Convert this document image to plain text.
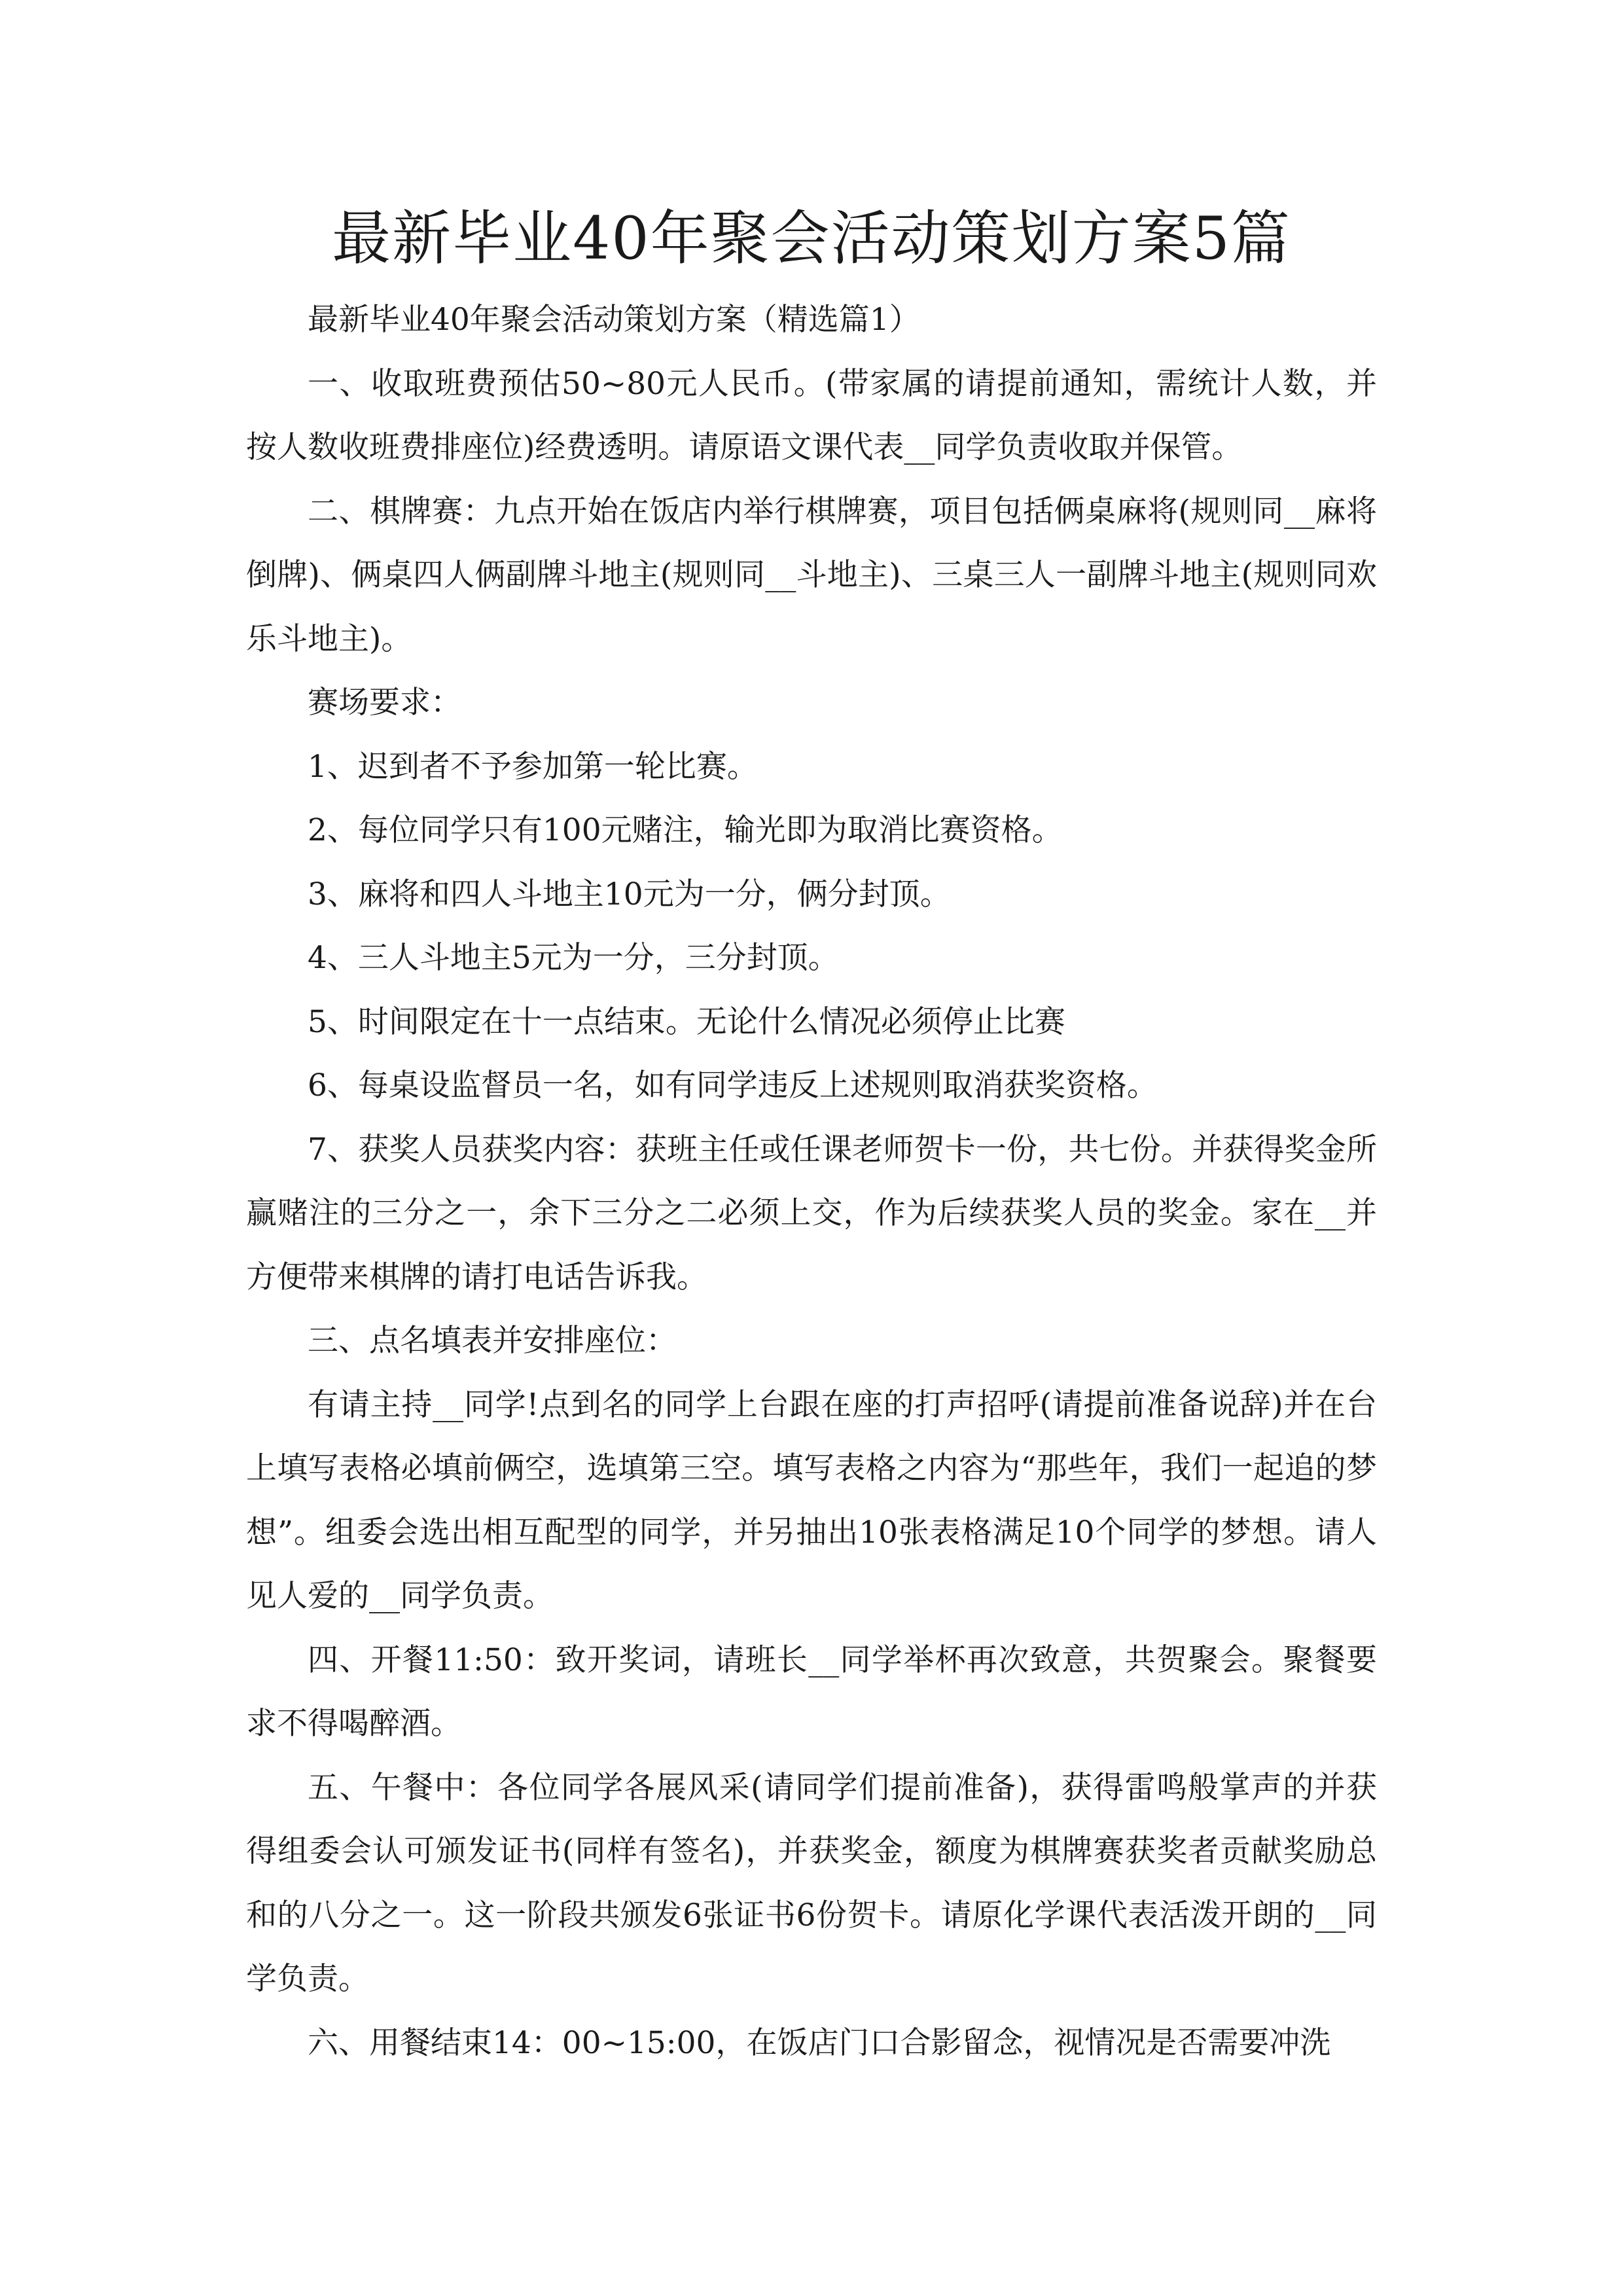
最新毕业40年聚会活动策划方案5篇

最新毕业40年聚会活动策划方案（精选篇1）

一、收取班费预估50~80元人民币。(带家属的请提前通知，需统计人数，并按人数收班费排座位)经费透明。请原语文课代表__同学负责收取并保管。

二、棋牌赛：九点开始在饭店内举行棋牌赛，项目包括俩桌麻将(规则同__麻将倒牌)、俩桌四人俩副牌斗地主(规则同__斗地主)、三桌三人一副牌斗地主(规则同欢乐斗地主)。

赛场要求：

1、迟到者不予参加第一轮比赛。

2、每位同学只有100元赌注，输光即为取消比赛资格。

3、麻将和四人斗地主10元为一分，俩分封顶。

4、三人斗地主5元为一分，三分封顶。

5、时间限定在十一点结束。无论什么情况必须停止比赛

6、每桌设监督员一名，如有同学违反上述规则取消获奖资格。

7、获奖人员获奖内容：获班主任或任课老师贺卡一份，共七份。并获得奖金所赢赌注的三分之一，余下三分之二必须上交，作为后续获奖人员的奖金。家在__并方便带来棋牌的请打电话告诉我。

三、点名填表并安排座位：

有请主持__同学!点到名的同学上台跟在座的打声招呼(请提前准备说辞)并在台上填写表格必填前俩空，选填第三空。填写表格之内容为“那些年，我们一起追的梦想”。组委会选出相互配型的同学，并另抽出10张表格满足10个同学的梦想。请人见人爱的__同学负责。

四、开餐11:50：致开奖词，请班长__同学举杯再次致意，共贺聚会。聚餐要求不得喝醉酒。

五、午餐中：各位同学各展风采(请同学们提前准备)，获得雷鸣般掌声的并获得组委会认可颁发证书(同样有签名)，并获奖金，额度为棋牌赛获奖者贡献奖励总和的八分之一。这一阶段共颁发6张证书6份贺卡。请原化学课代表活泼开朗的__同学负责。

六、用餐结束14：00~15:00，在饭店门口合影留念，视情况是否需要冲洗
